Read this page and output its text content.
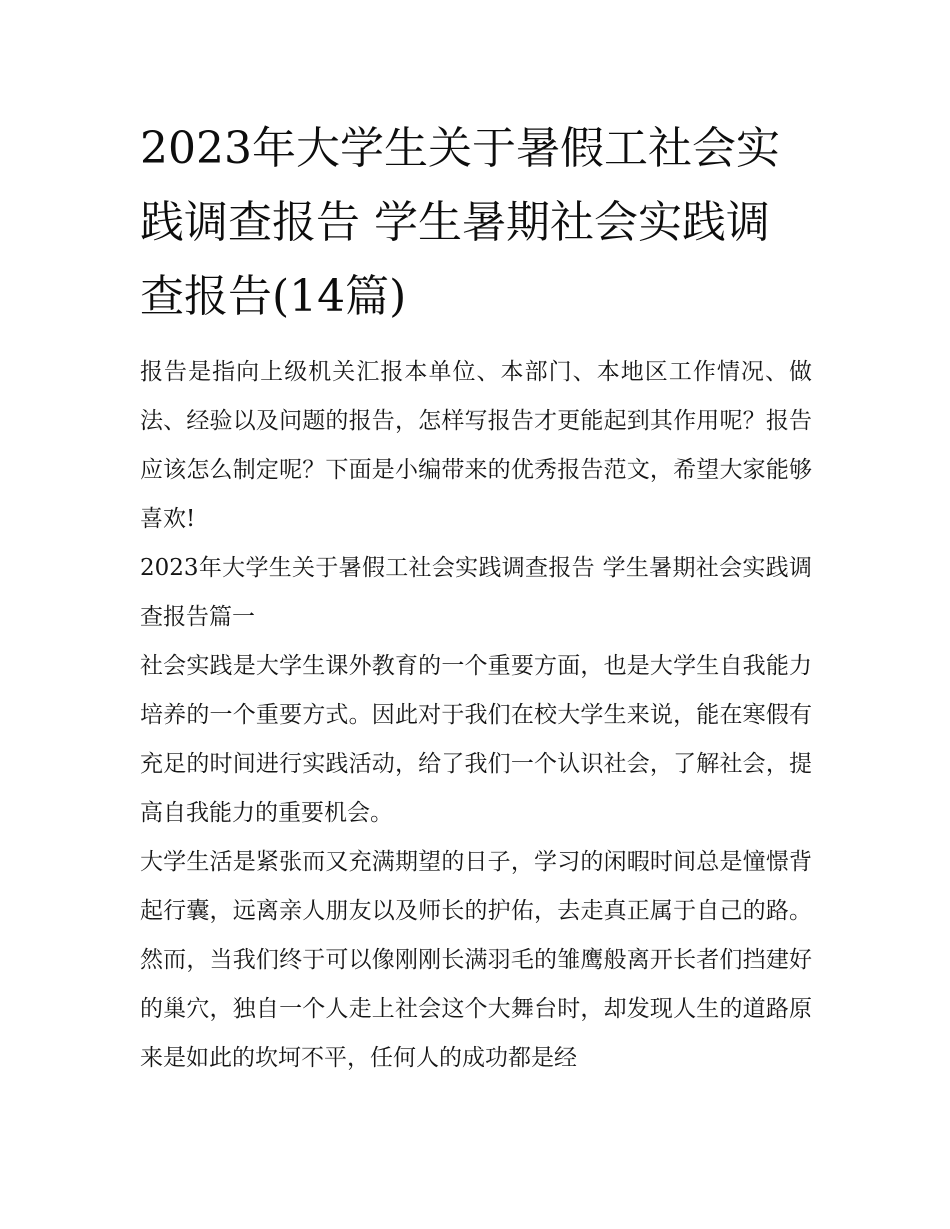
2023年大学生关于暑假工社会实践调查报告 学生暑期社会实践调查报告(14篇)

报告是指向上级机关汇报本单位、本部门、本地区工作情况、做法、经验以及问题的报告，怎样写报告才更能起到其作用呢？报告应该怎么制定呢？下面是小编带来的优秀报告范文，希望大家能够喜欢!

2023年大学生关于暑假工社会实践调查报告 学生暑期社会实践调查报告篇一

社会实践是大学生课外教育的一个重要方面，也是大学生自我能力培养的一个重要方式。因此对于我们在校大学生来说，能在寒假有充足的时间进行实践活动，给了我们一个认识社会，了解社会，提高自我能力的重要机会。

大学生活是紧张而又充满期望的日子，学习的闲暇时间总是憧憬背起行囊，远离亲人朋友以及师长的护佑，去走真正属于自己的路。然而，当我们终于可以像刚刚长满羽毛的雏鹰般离开长者们挡建好的巢穴，独自一个人走上社会这个大舞台时，却发现人生的道路原来是如此的坎坷不平，任何人的成功都是经
